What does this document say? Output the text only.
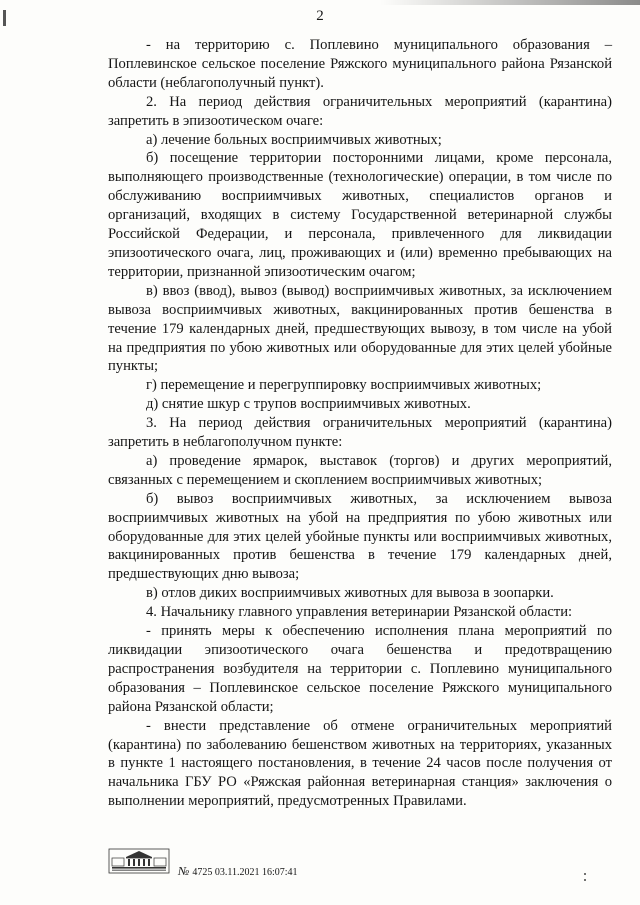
2

- на территорию с. Поплевино муниципального образования – Поплевинское сельское поселение Ряжского муниципального района Рязанской области (неблагополучный пункт).

2. На период действия ограничительных мероприятий (карантина) запретить в эпизоотическом очаге:

а) лечение больных восприимчивых животных;

б) посещение территории посторонними лицами, кроме персонала, выполняющего производственные (технологические) операции, в том числе по обслуживанию восприимчивых животных, специалистов органов и организаций, входящих в систему Государственной ветеринарной службы Российской Федерации, и персонала, привлеченного для ликвидации эпизоотического очага, лиц, проживающих и (или) временно пребывающих на территории, признанной эпизоотическим очагом;

в) ввоз (ввод), вывоз (вывод) восприимчивых животных, за исключением вывоза восприимчивых животных, вакцинированных против бешенства в течение 179 календарных дней, предшествующих вывозу, в том числе на убой на предприятия по убою животных или оборудованные для этих целей убойные пункты;

г) перемещение и перегруппировку восприимчивых животных;

д) снятие шкур с трупов восприимчивых животных.

3. На период действия ограничительных мероприятий (карантина) запретить в неблагополучном пункте:

а) проведение ярмарок, выставок (торгов) и других мероприятий, связанных с перемещением и скоплением восприимчивых животных;

б) вывоз восприимчивых животных, за исключением вывоза восприимчивых животных на убой на предприятия по убою животных или оборудованные для этих целей убойные пункты или восприимчивых животных, вакцинированных против бешенства в течение 179 календарных дней, предшествующих дню вывоза;

в) отлов диких восприимчивых животных для вывоза в зоопарки.

4. Начальнику главного управления ветеринарии Рязанской области:

- принять меры к обеспечению исполнения плана мероприятий по ликвидации эпизоотического очага бешенства и предотвращению распространения возбудителя на территории с. Поплевино муниципального образования – Поплевинское сельское поселение Ряжского муниципального района Рязанской области;

- внести представление об отмене ограничительных мероприятий (карантина) по заболеванию бешенством животных на территориях, указанных в пункте 1 настоящего постановления, в течение 24 часов после получения от начальника ГБУ РО «Ряжская районная ветеринарная станция» заключения о выполнении мероприятий, предусмотренных Правилами.

№ 4725 03.11.2021 16:07:41
